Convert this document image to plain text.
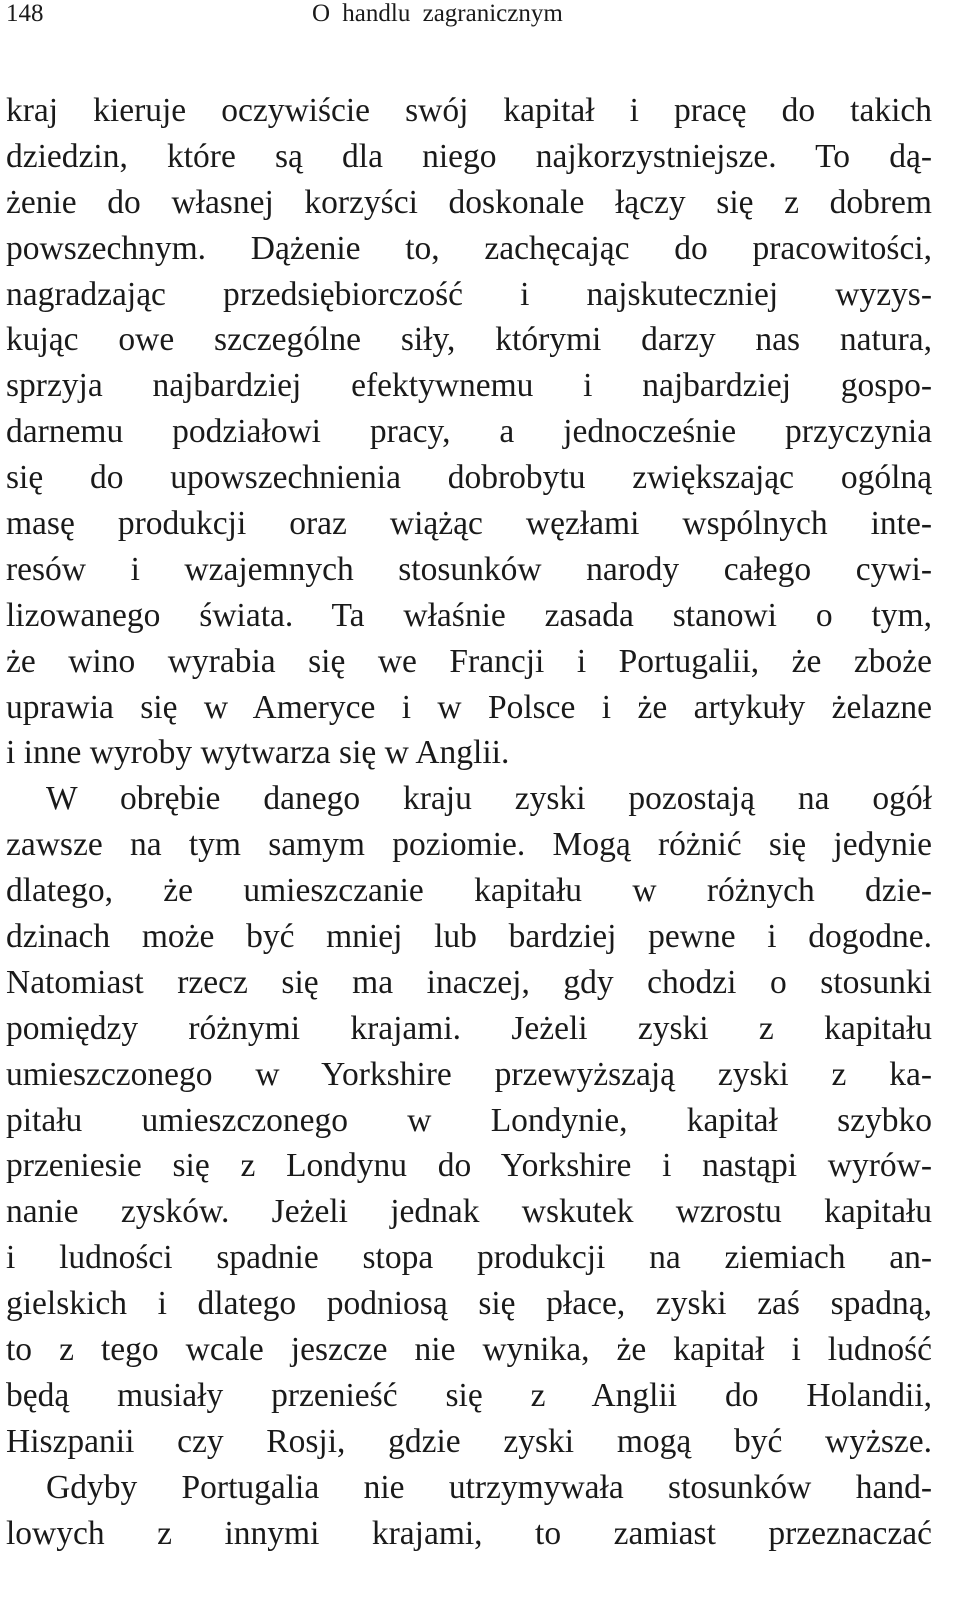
148	O handlu zagranicznym
kraj kieruje oczywiście swój kapitał i pracę do takich
dziedzin, które są dla niego najkorzystniejsze. To dą-
żenie do własnej korzyści doskonale łączy się z dobrem
powszechnym. Dążenie to, zachęcając do pracowitości,
nagradzając przedsiębiorczość i najskuteczniej wyzys-
kując owe szczególne siły, którymi darzy nas natura,
sprzyja najbardziej efektywnemu i najbardziej gospo-
darnemu podziałowi pracy, a jednocześnie przyczynia
się do upowszechnienia dobrobytu zwiększając ogólną
masę produkcji oraz wiążąc węzłami wspólnych inte-
resów i wzajemnych stosunków narody całego cywi-
lizowanego świata. Ta właśnie zasada stanowi o tym,
że wino wyrabia się we Francji i Portugalii, że zboże
uprawia się w Ameryce i w Polsce i że artykuły żelazne
i inne wyroby wytwarza się w Anglii.
W obrębie danego kraju zyski pozostają na ogół
zawsze na tym samym poziomie. Mogą różnić się jedynie
dlatego, że umieszczanie kapitału w różnych dzie-
dzinach może być mniej lub bardziej pewne i dogodne.
Natomiast rzecz się ma inaczej, gdy chodzi o stosunki
pomiędzy różnymi krajami. Jeżeli zyski z kapitału
umieszczonego w Yorkshire przewyższają zyski z ka-
pitału umieszczonego w Londynie, kapitał szybko
przeniesie się z Londynu do Yorkshire i nastąpi wyrów-
nanie zysków. Jeżeli jednak wskutek wzrostu kapitału
i ludności spadnie stopa produkcji na ziemiach an-
gielskich i dlatego podniosą się płace, zyski zaś spadną,
to z tego wcale jeszcze nie wynika, że kapitał i ludność
będą musiały przenieść się z Anglii do Holandii,
Hiszpanii czy Rosji, gdzie zyski mogą być wyższe.
Gdyby Portugalia nie utrzymywała stosunków hand-
lowych z innymi krajami, to zamiast przeznaczać
